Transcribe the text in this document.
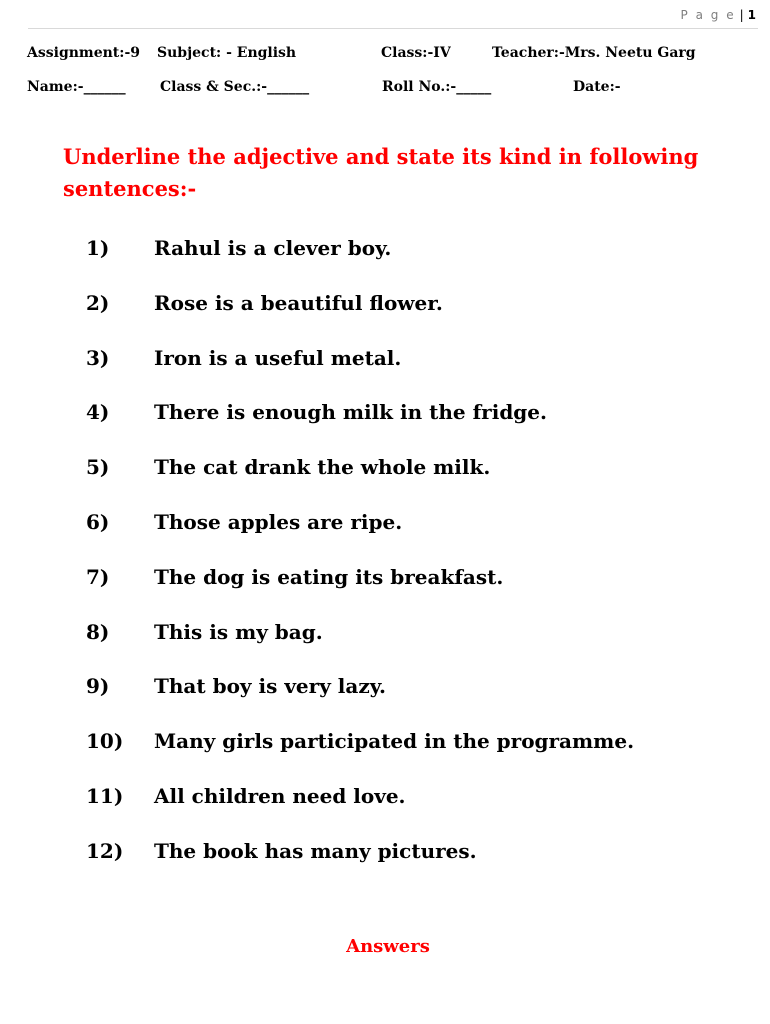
P a g e | 1
Assignment:-9 Subject: - English	Class:-IV	Teacher:-Mrs. Neetu Garg
Name:-______ Class & Sec.:-______	Roll No.:-_____	Date:-
Underline the adjective and state its kind in following sentences:-
1) Rahul is a clever boy.
2) Rose is a beautiful flower.
3) Iron is a useful metal.
4) There is enough milk in the fridge.
5) The cat drank the whole milk.
6) Those apples are ripe.
7) The dog is eating its breakfast.
8) This is my bag.
9) That boy is very lazy.
10) Many girls participated in the programme.
11) All children need love.
12) The book has many pictures.
Answers
